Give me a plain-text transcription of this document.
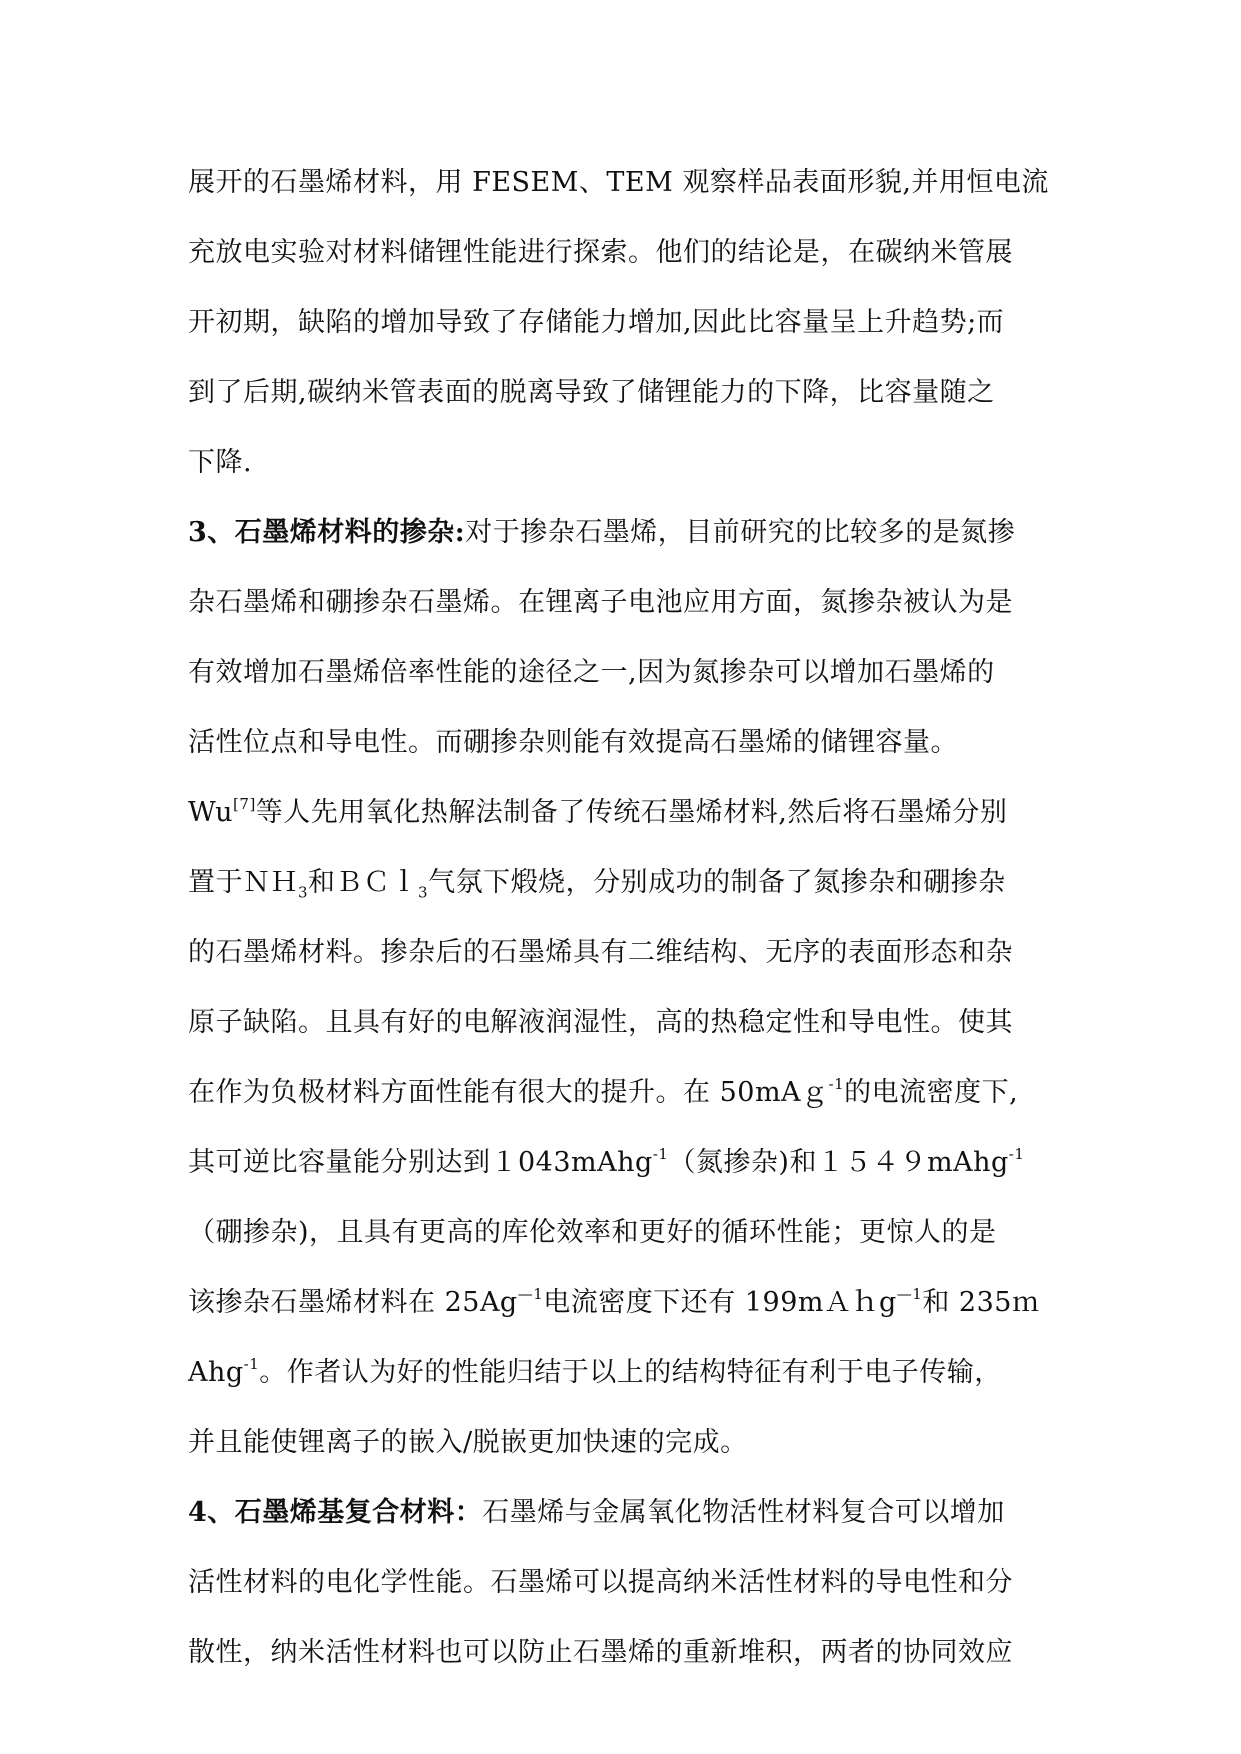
展开的石墨烯材料，用 FESEM、TEM 观察样品表面形貌,并用恒电流
充放电实验对材料储锂性能进行探索。他们的结论是，在碳纳米管展
开初期，缺陷的增加导致了存储能力增加,因此比容量呈上升趋势;而
到了后期,碳纳米管表面的脱离导致了储锂能力的下降，比容量随之
下降.
3、石墨烯材料的掺杂:对于掺杂石墨烯，目前研究的比较多的是氮掺
杂石墨烯和硼掺杂石墨烯。在锂离子电池应用方面，氮掺杂被认为是
有效增加石墨烯倍率性能的途径之一,因为氮掺杂可以增加石墨烯的
活性位点和导电性。而硼掺杂则能有效提高石墨烯的储锂容量。
Wu[7]等人先用氧化热解法制备了传统石墨烯材料,然后将石墨烯分别
置于ＮＨ$_3$和ＢＣｌ$_3$气氛下煅烧，分别成功的制备了氮掺杂和硼掺杂
的石墨烯材料。掺杂后的石墨烯具有二维结构、无序的表面形态和杂
原子缺陷。且具有好的电解液润湿性，高的热稳定性和导电性。使其
在作为负极材料方面性能有很大的提升。在 50mAｇ$^{-1}$的电流密度下,
其可逆比容量能分别达到１043mAhg$^{-1}$（氮掺杂)和１５４９mAhg$^{-1}$
（硼掺杂)，且具有更高的库伦效率和更好的循环性能；更惊人的是
该掺杂石墨烯材料在 $25Ag^{—1}$电流密度下还有 199mＡｈg$^{—1}$和 235ｍ
Ahg$^{-1}$。作者认为好的性能归结于以上的结构特征有利于电子传输，
并且能使锂离子的嵌入/脱嵌更加快速的完成。
4、石墨烯基复合材料：石墨烯与金属氧化物活性材料复合可以增加
活性材料的电化学性能。石墨烯可以提高纳米活性材料的导电性和分
散性，纳米活性材料也可以防止石墨烯的重新堆积，两者的协同效应
